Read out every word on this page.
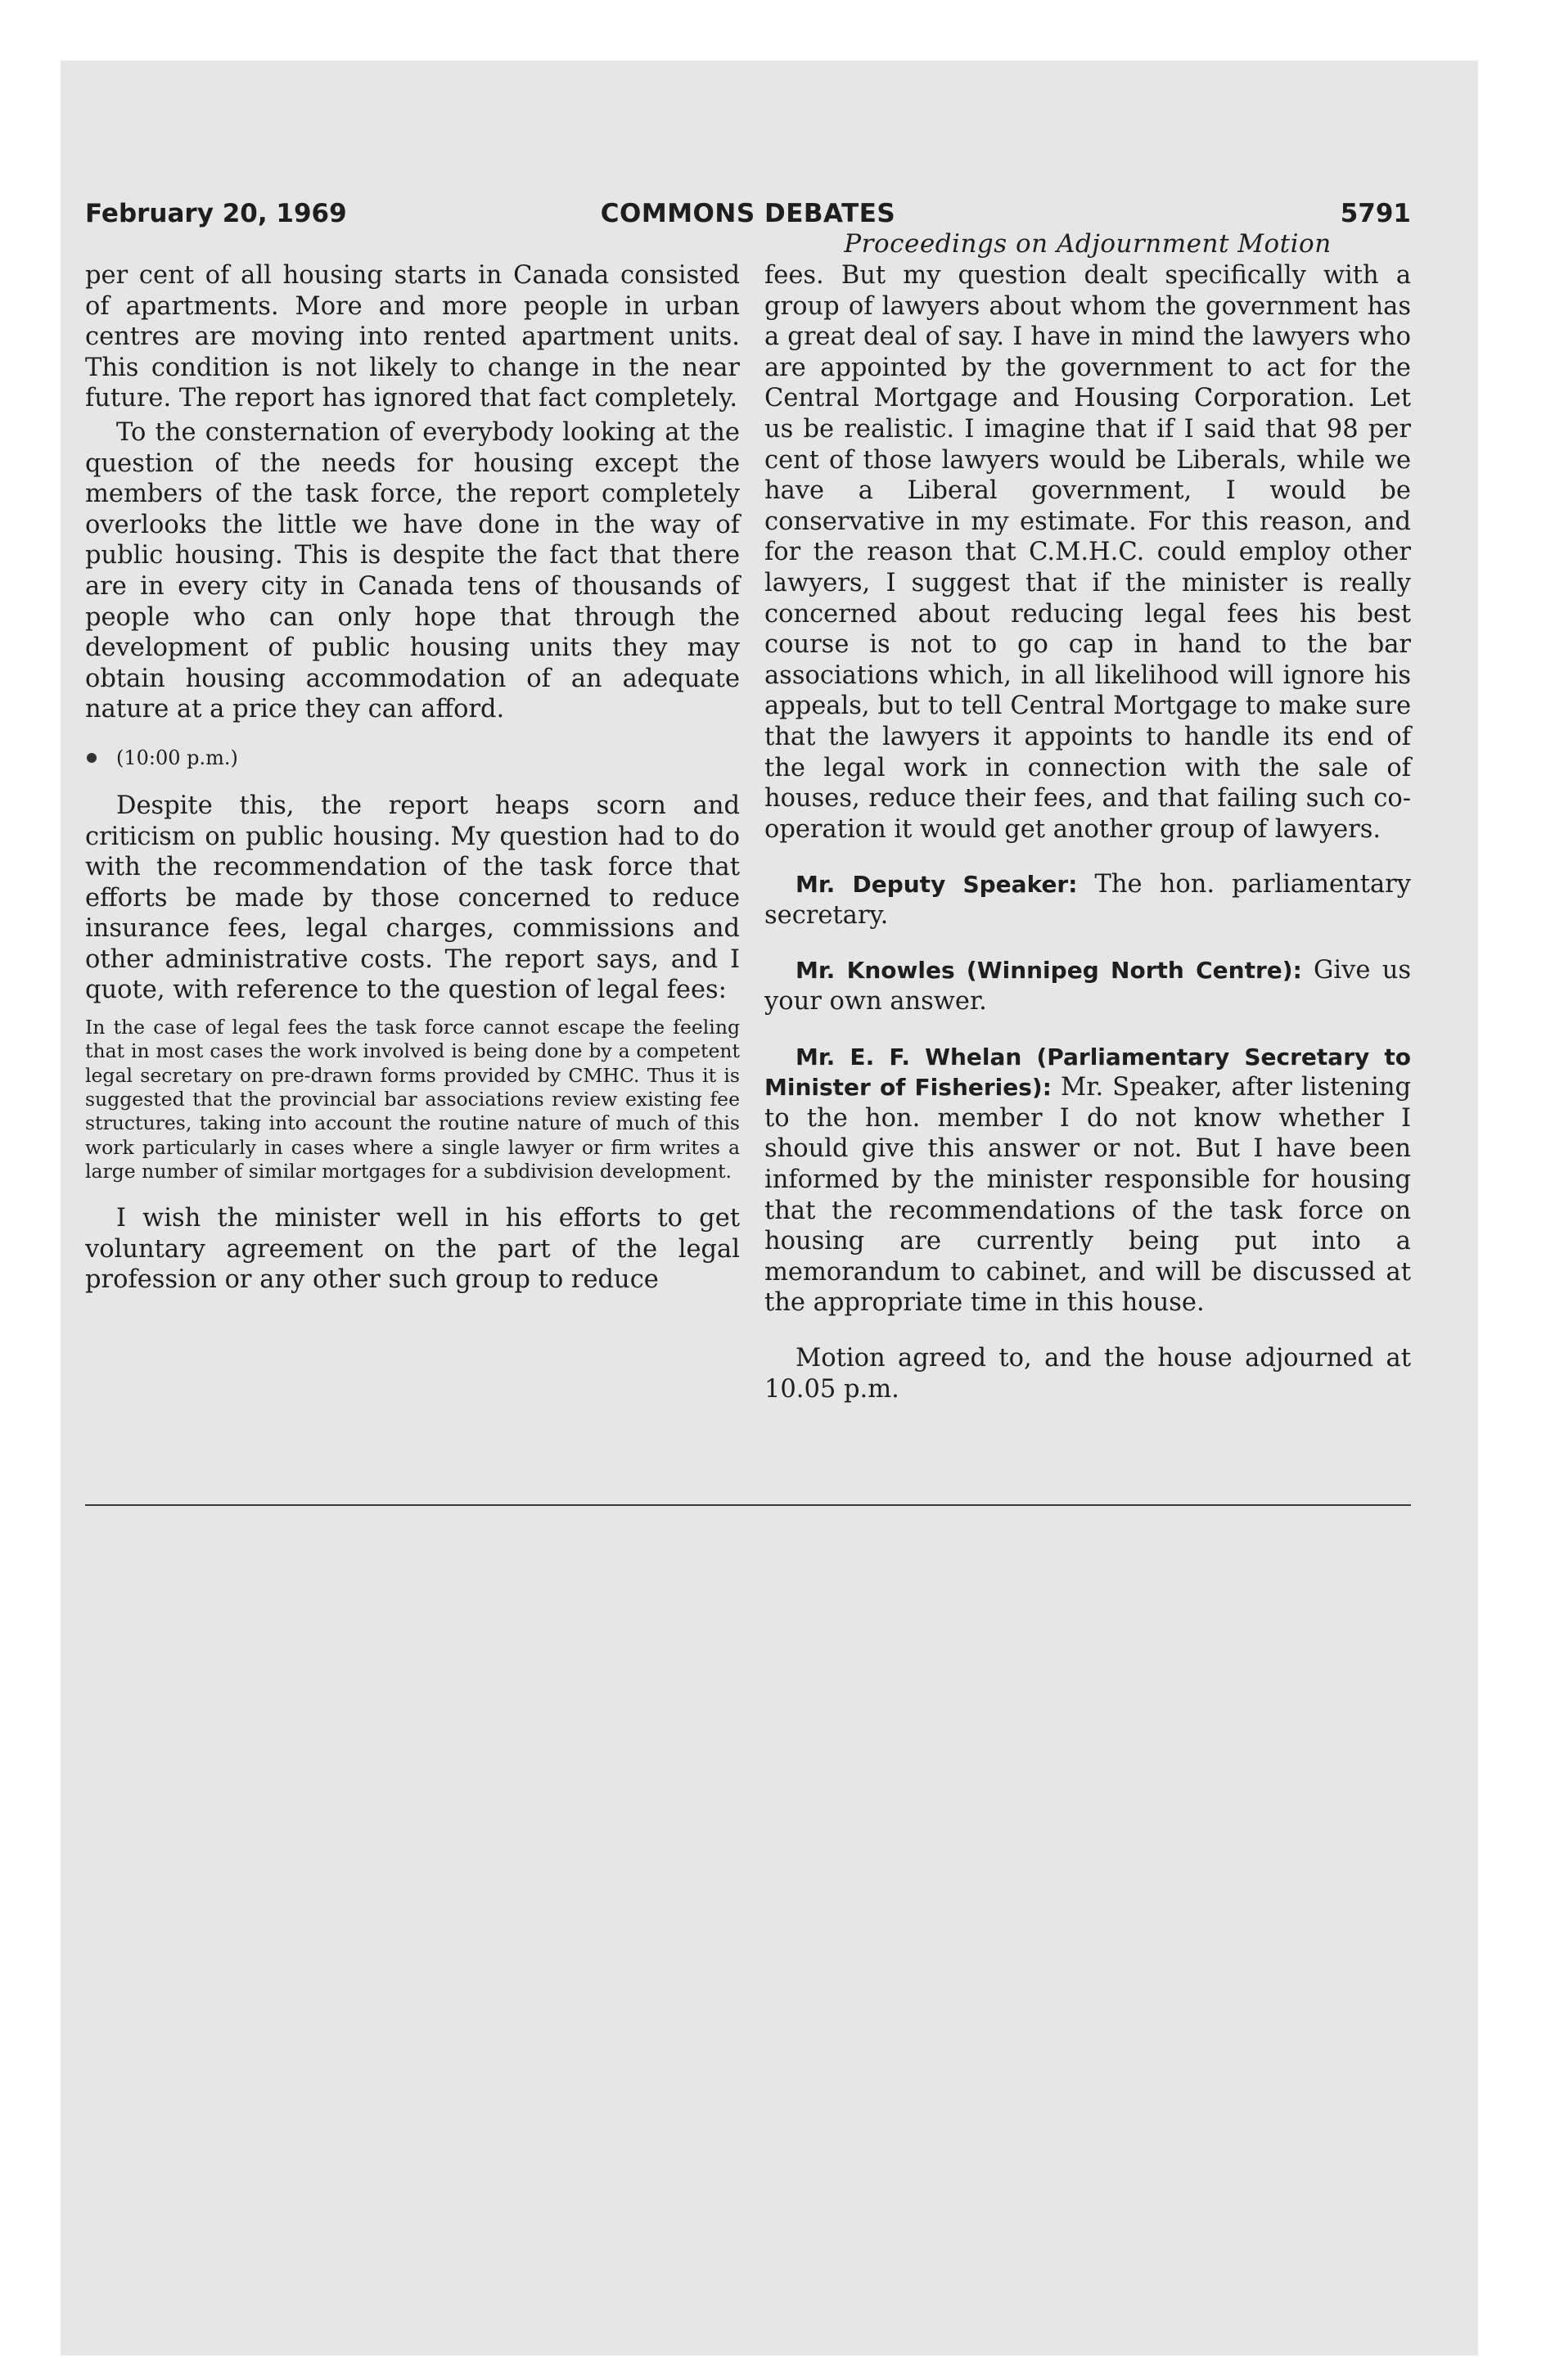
February 20, 1969	COMMONS DEBATES	5791

per cent of all housing starts in Canada consisted of apartments. More and more people in urban centres are moving into rented apartment units. This condition is not likely to change in the near future. The report has ignored that fact completely.

To the consternation of everybody looking at the question of the needs for housing except the members of the task force, the report completely overlooks the little we have done in the way of public housing. This is despite the fact that there are in every city in Canada tens of thousands of people who can only hope that through the development of public housing units they may obtain housing accommodation of an adequate nature at a price they can afford.

(10:00 p.m.)

Despite this, the report heaps scorn and criticism on public housing. My question had to do with the recommendation of the task force that efforts be made by those concerned to reduce insurance fees, legal charges, commissions and other administrative costs. The report says, and I quote, with reference to the question of legal fees:

In the case of legal fees the task force cannot escape the feeling that in most cases the work involved is being done by a competent legal secretary on pre-drawn forms provided by CMHC. Thus it is suggested that the provincial bar associations review existing fee structures, taking into account the routine nature of much of this work particularly in cases where a single lawyer or firm writes a large number of similar mortgages for a subdivision development.

I wish the minister well in his efforts to get voluntary agreement on the part of the legal profession or any other such group to reduce

Proceedings on Adjournment Motion

fees. But my question dealt specifically with a group of lawyers about whom the government has a great deal of say. I have in mind the lawyers who are appointed by the government to act for the Central Mortgage and Housing Corporation. Let us be realistic. I imagine that if I said that 98 per cent of those lawyers would be Liberals, while we have a Liberal government, I would be conservative in my estimate. For this reason, and for the reason that C.M.H.C. could employ other lawyers, I suggest that if the minister is really concerned about reducing legal fees his best course is not to go cap in hand to the bar associations which, in all likelihood will ignore his appeals, but to tell Central Mortgage to make sure that the lawyers it appoints to handle its end of the legal work in connection with the sale of houses, reduce their fees, and that failing such co-operation it would get another group of lawyers.

Mr. Deputy Speaker: The hon. parliamentary secretary.

Mr. Knowles (Winnipeg North Centre): Give us your own answer.

Mr. E. F. Whelan (Parliamentary Secretary to Minister of Fisheries): Mr. Speaker, after listening to the hon. member I do not know whether I should give this answer or not. But I have been informed by the minister responsible for housing that the recommendations of the task force on housing are currently being put into a memorandum to cabinet, and will be discussed at the appropriate time in this house.

Motion agreed to, and the house adjourned at 10.05 p.m.
